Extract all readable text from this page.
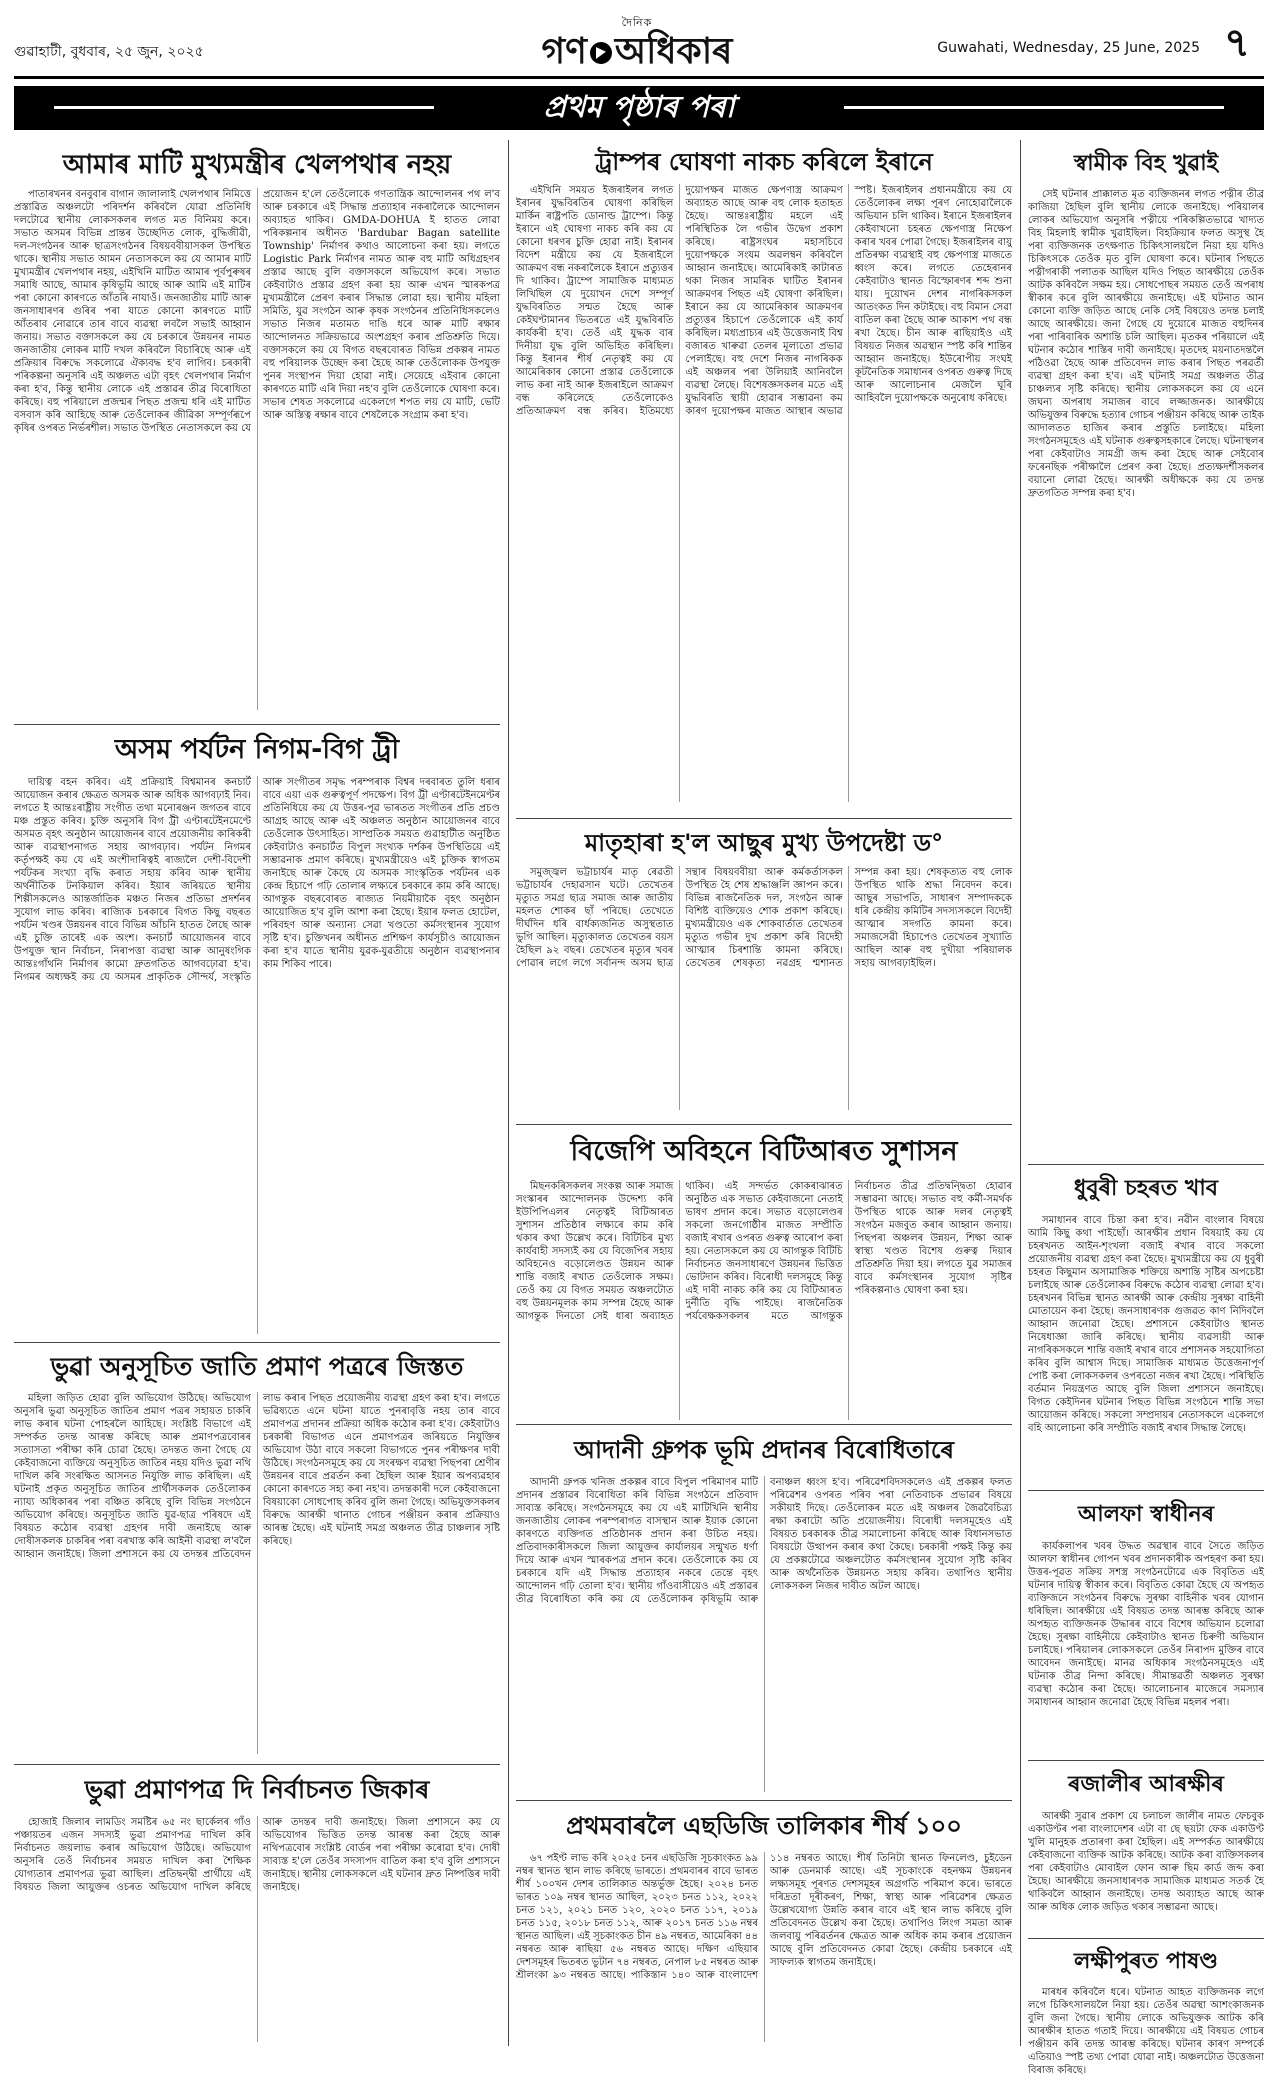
গুৱাহাটী, বুধবাৰ, ২৫ জুন, ২০২৫
দৈনিক
গণ অধিকাৰ	Guwahati, Wednesday, 25 June, 2025 ৭
প্ৰথম পৃষ্ঠাৰ পৰা
আমাৰ মাটি মুখ্যমন্ত্ৰীৰ খেলপথাৰ নহয়

পাতাৰখনৰ বনবুবাৰ বাগান জালালাই খেলপথাৰ নিমিত্তে প্ৰস্তাৱিত অঞ্চলটো পৰিদৰ্শন কৰিবলৈ যোৱা প্ৰতিনিধি দলটোৱে স্থানীয় লোকসকলৰ লগত মত বিনিময় কৰে। সভাত অসমৰ বিভিন্ন প্ৰান্তৰ উচ্ছেদিত লোক, বুদ্ধিজীৱী, দল-সংগঠনৰ আৰু ছাত্ৰসংগঠনৰ বিষয়ববীয়াসকল উপস্থিত থাকে। স্থানীয় সভাত আমন নেতাসকলে কয় যে আমাৰ মাটি মুখ্যমন্ত্ৰীৰ খেলপথাৰ নহয়, এইখিনি মাটিত আমাৰ পূৰ্বপুৰুষৰ সমাধি আছে, আমাৰ কৃষিভূমি আছে আৰু আমি এই মাটিৰ পৰা কোনো কাৰণতে আঁতৰি নাযাওঁ। জনজাতীয় মাটি আৰু জনসাধাৰণৰ গুৰিৰ পৰা যাতে কোনো কাৰণতে মাটি আঁতৰাব নোৱাৰে তাৰ বাবে ব্যৱস্থা লবলৈ সভাই আহ্বান জনায়। সভাত বক্তাসকলে কয় যে চৰকাৰে উন্নয়নৰ নামত জনজাতীয় লোকৰ মাটি দখল কৰিবলৈ বিচাৰিছে আৰু এই প্ৰক্ৰিয়াৰ বিৰুদ্ধে সকলোৱে ঐক্যবদ্ধ হ'ব লাগিব। চৰকাৰী পৰিকল্পনা অনুসৰি এই অঞ্চলত এটা বৃহৎ খেলপথাৰ নিৰ্মাণ কৰা হ'ব, কিন্তু স্থানীয় লোকে এই প্ৰস্তাৱৰ তীব্ৰ বিৰোধিতা কৰিছে। বহু পৰিয়ালে প্ৰজন্মৰ পিছত প্ৰজন্ম ধৰি এই মাটিত বসবাস কৰি আহিছে আৰু তেওঁলোকৰ জীৱিকা সম্পূৰ্ণৰূপে কৃষিৰ ওপৰত নিৰ্ভৰশীল। সভাত উপস্থিত নেতাসকলে কয় যে প্ৰয়োজন হ'লে তেওঁলোকে গণতান্ত্ৰিক আন্দোলনৰ পথ ল'ব আৰু চৰকাৰে এই সিদ্ধান্ত প্ৰত্যাহাৰ নকৰালৈকে আন্দোলন অব্যাহত থাকিব। GMDA-DOHUA ই হাতত লোৱা পৰিকল্পনাৰ অধীনত 'Bardubar Bagan satellite Township' নিৰ্মাণৰ কথাও আলোচনা কৰা হয়। লগতে Logistic Park নিৰ্মাণৰ নামত আৰু বহু মাটি অধিগ্ৰহণৰ প্ৰস্তাৱ আছে বুলি বক্তাসকলে অভিযোগ কৰে। সভাত কেইবাটাও প্ৰস্তাৱ গ্ৰহণ কৰা হয় আৰু এখন স্মাৰকপত্ৰ মুখ্যমন্ত্ৰীলৈ প্ৰেৰণ কৰাৰ সিদ্ধান্ত লোৱা হয়। স্থানীয় মহিলা সমিতি, যুৱ সংগঠন আৰু কৃষক সংগঠনৰ প্ৰতিনিধিসকলেও সভাত নিজৰ মতামত দাঙি ধৰে আৰু মাটি ৰক্ষাৰ আন্দোলনত সক্ৰিয়ভাৱে অংশগ্ৰহণ কৰাৰ প্ৰতিশ্ৰুতি দিয়ে। বক্তাসকলে কয় যে বিগত বছৰবোৰত বিভিন্ন প্ৰকল্পৰ নামত বহু পৰিয়ালক উচ্ছেদ কৰা হৈছে আৰু তেওঁলোকক উপযুক্ত পুনৰ সংস্থাপন দিয়া হোৱা নাই। সেয়েহে এইবাৰ কোনো কাৰণতে মাটি এৰি দিয়া নহ'ব বুলি তেওঁলোকে ঘোষণা কৰে। সভাৰ শেষত সকলোৱে একেলগে শপত লয় যে মাটি, ভেটি আৰু অস্তিত্ব ৰক্ষাৰ বাবে শেষলৈকে সংগ্ৰাম কৰা হ'ব।

অসম পৰ্যটন নিগম-বিগ ট্ৰী

দায়িত্ব বহন কৰিব। এই প্ৰক্ৰিয়াই বিশ্বমানৰ কনচাৰ্ট আয়োজন কৰাৰ ক্ষেত্ৰত অসমক আৰু অধিক আগবঢ়াই নিব। লগতে ই আন্তঃৰাষ্ট্ৰীয় সংগীত তথা মনোৰঞ্জন জগতৰ বাবে মঞ্চ প্ৰস্তুত কৰিব। চুক্তি অনুসৰি বিগ ট্ৰী এণ্টাৰটেইনমেণ্টে অসমত বৃহৎ অনুষ্ঠান আয়োজনৰ বাবে প্ৰয়োজনীয় কাৰিকৰী আৰু ব্যৱস্থাপনাগত সহায় আগবঢ়াব। পৰ্যটন নিগমৰ কৰ্তৃপক্ষই কয় যে এই অংশীদাৰিত্বই ৰাজ্যলৈ দেশী-বিদেশী পৰ্যটকৰ সংখ্যা বৃদ্ধি কৰাত সহায় কৰিব আৰু স্থানীয় অৰ্থনীতিক টনকিয়াল কৰিব। ইয়াৰ জৰিয়তে স্থানীয় শিল্পীসকলেও আন্তৰ্জাতিক মঞ্চত নিজৰ প্ৰতিভা প্ৰদৰ্শনৰ সুযোগ লাভ কৰিব। ৰাজ্যিক চৰকাৰে বিগত কিছু বছৰত পৰ্যটন খণ্ডৰ উন্নয়নৰ বাবে বিভিন্ন আঁচনি হাতত লৈছে আৰু এই চুক্তি তাৰেই এক অংশ। কনচাৰ্ট আয়োজনৰ বাবে উপযুক্ত স্থান নিৰ্বাচন, নিৰাপত্তা ব্যৱস্থা আৰু আনুষংগিক আন্তঃগাঁথনি নিৰ্মাণৰ কামো দ্ৰুতগতিত আগবঢ়োৱা হ'ব। নিগমৰ অধ্যক্ষই কয় যে অসমৰ প্ৰাকৃতিক সৌন্দৰ্য, সংস্কৃতি আৰু সংগীতৰ সমৃদ্ধ পৰম্পৰাক বিশ্বৰ দৰবাৰত তুলি ধৰাৰ বাবে এয়া এক গুৰুত্বপূৰ্ণ পদক্ষেপ। বিগ ট্ৰী এণ্টাৰটেইনমেণ্টৰ প্ৰতিনিধিয়ে কয় যে উত্তৰ-পূৱ ভাৰতত সংগীতৰ প্ৰতি প্ৰচণ্ড আগ্ৰহ আছে আৰু এই অঞ্চলত অনুষ্ঠান আয়োজনৰ বাবে তেওঁলোক উৎসাহিত। সাম্প্ৰতিক সময়ত গুৱাহাটীত অনুষ্ঠিত কেইবাটাও কনচাৰ্টত বিপুল সংখ্যক দৰ্শকৰ উপস্থিতিয়ে এই সম্ভাৱনাক প্ৰমাণ কৰিছে। মুখ্যমন্ত্ৰীয়েও এই চুক্তিক স্বাগতম জনাইছে আৰু কৈছে যে অসমক সাংস্কৃতিক পৰ্যটনৰ এক কেন্দ্ৰ হিচাপে গঢ়ি তোলাৰ লক্ষ্যৰে চৰকাৰে কাম কৰি আছে। আগন্তুক বছৰবোৰত ৰাজ্যত নিয়মীয়াকৈ বৃহৎ অনুষ্ঠান আয়োজিত হ'ব বুলি আশা কৰা হৈছে। ইয়াৰ ফলত হোটেল, পৰিবহণ আৰু অন্যান্য সেৱা খণ্ডতো কৰ্মসংস্থানৰ সুযোগ সৃষ্টি হ'ব। চুক্তিখনৰ অধীনত প্ৰশিক্ষণ কাৰ্যসূচীও আয়োজন কৰা হ'ব যাতে স্থানীয় যুৱক-যুৱতীয়ে অনুষ্ঠান ব্যৱস্থাপনাৰ কাম শিকিব পাৰে।

ভুৱা অনুসূচিত জাতি প্ৰমাণ পত্ৰৰে জিস্তত

মহিলা জড়িত হোৱা বুলি অভিযোগ উঠিছে। অভিযোগ অনুসৰি ভুৱা অনুসূচিত জাতিৰ প্ৰমাণ পত্ৰৰ সহায়ত চাকৰি লাভ কৰাৰ ঘটনা পোহৰলৈ আহিছে। সংশ্লিষ্ট বিভাগে এই সম্পৰ্কত তদন্ত আৰম্ভ কৰিছে আৰু প্ৰমাণপত্ৰবোৰৰ সত্যাসত্য পৰীক্ষা কৰি চোৱা হৈছে। তদন্তত জনা গৈছে যে কেইবাজনো ব্যক্তিয়ে অনুসূচিত জাতিৰ নহয় যদিও ভুৱা নথি দাখিল কৰি সংৰক্ষিত আসনত নিযুক্তি লাভ কৰিছিল। এই ঘটনাই প্ৰকৃত অনুসূচিত জাতিৰ প্ৰাৰ্থীসকলক তেওঁলোকৰ ন্যায্য অধিকাৰৰ পৰা বঞ্চিত কৰিছে বুলি বিভিন্ন সংগঠনে অভিযোগ কৰিছে। অনুসূচিত জাতি যুৱ-ছাত্ৰ পৰিষদে এই বিষয়ত কঠোৰ ব্যৱস্থা গ্ৰহণৰ দাবী জনাইছে আৰু দোষীসকলক চাকৰিৰ পৰা বৰখাস্ত কৰি আইনী ব্যৱস্থা ল'বলৈ আহ্বান জনাইছে। জিলা প্ৰশাসনে কয় যে তদন্তৰ প্ৰতিবেদন লাভ কৰাৰ পিছত প্ৰয়োজনীয় ব্যৱস্থা গ্ৰহণ কৰা হ'ব। লগতে ভৱিষ্যতে এনে ঘটনা যাতে পুনৰাবৃত্তি নহয় তাৰ বাবে প্ৰমাণপত্ৰ প্ৰদানৰ প্ৰক্ৰিয়া অধিক কঠোৰ কৰা হ'ব। কেইবাটাও চৰকাৰী বিভাগত এনে প্ৰমাণপত্ৰৰ জৰিয়তে নিযুক্তিৰ অভিযোগ উঠা বাবে সকলো বিভাগতে পুনৰ পৰীক্ষণৰ দাবী উঠিছে। সংগঠনসমূহে কয় যে সংৰক্ষণ ব্যৱস্থা পিছপৰা শ্ৰেণীৰ উন্নয়নৰ বাবে প্ৰৱৰ্তন কৰা হৈছিল আৰু ইয়াৰ অপব্যৱহাৰ কোনো কাৰণতে সহ্য কৰা নহ'ব। তদন্তকাৰী দলে কেইবাজনো বিষয়াকো সোধপোছ কৰিব বুলি জনা গৈছে। অভিযুক্তসকলৰ বিৰুদ্ধে আৰক্ষী থানাত গোচৰ পঞ্জীয়ন কৰাৰ প্ৰক্ৰিয়াও আৰম্ভ হৈছে। এই ঘটনাই সমগ্ৰ অঞ্চলত তীব্ৰ চাঞ্চল্যৰ সৃষ্টি কৰিছে।

ভুৱা প্ৰমাণপত্ৰ দি নিৰ্বাচনত জিকাৰ

হোজাই জিলাৰ লামডিং সমষ্টিৰ ৬৫ নং ছাৰ্কেলৰ গাঁও পঞ্চায়তৰ এজন সদস্যই ভুৱা প্ৰমাণপত্ৰ দাখিল কৰি নিৰ্বাচনত জয়লাভ কৰাৰ অভিযোগ উঠিছে। অভিযোগ অনুসৰি তেওঁ নিৰ্বাচনৰ সময়ত দাখিল কৰা শৈক্ষিক যোগ্যতাৰ প্ৰমাণপত্ৰ ভুৱা আছিল। প্ৰতিদ্বন্দ্বী প্ৰাৰ্থীয়ে এই বিষয়ত জিলা আয়ুক্তৰ ওচৰত অভিযোগ দাখিল কৰিছে আৰু তদন্তৰ দাবী জনাইছে। জিলা প্ৰশাসনে কয় যে অভিযোগৰ ভিত্তিত তদন্ত আৰম্ভ কৰা হৈছে আৰু নথিপত্ৰবোৰ সংশ্লিষ্ট বোৰ্ডৰ পৰা পৰীক্ষা কৰোৱা হ'ব। দোষী সাব্যস্ত হ'লে তেওঁৰ সদস্যপদ বাতিল কৰা হ'ব বুলি প্ৰশাসনে জনাইছে। স্থানীয় লোকসকলে এই ঘটনাৰ দ্ৰুত নিষ্পত্তিৰ দাবী জনাইছে।

ট্ৰাম্পৰ ঘোষণা নাকচ কৰিলে ইৰানে

এইখিনি সময়ত ইজৰাইলৰ লগত ইৰানৰ যুদ্ধবিৰতিৰ ঘোষণা কৰিছিল মাৰ্কিন ৰাষ্ট্ৰপতি ডোনাল্ড ট্ৰাম্পে। কিন্তু ইৰানে এই ঘোষণা নাকচ কৰি কয় যে কোনো ধৰণৰ চুক্তি হোৱা নাই। ইৰানৰ বিদেশ মন্ত্ৰীয়ে কয় যে ইজৰাইলে আক্ৰমণ বন্ধ নকৰালৈকে ইৰানে প্ৰত্যুত্তৰ দি থাকিব। ট্ৰাম্পে সামাজিক মাধ্যমত লিখিছিল যে দুয়োখন দেশে সম্পূৰ্ণ যুদ্ধবিৰতিত সন্মত হৈছে আৰু কেইঘণ্টামানৰ ভিতৰতে এই যুদ্ধবিৰতি কাৰ্যকৰী হ'ব। তেওঁ এই যুদ্ধক বাৰ দিনীয়া যুদ্ধ বুলি অভিহিত কৰিছিল। কিন্তু ইৰানৰ শীৰ্ষ নেতৃত্বই কয় যে আমেৰিকাৰ কোনো প্ৰস্তাৱ তেওঁলোকে লাভ কৰা নাই আৰু ইজৰাইলে আক্ৰমণ বন্ধ কৰিলেহে তেওঁলোকেও প্ৰতিআক্ৰমণ বন্ধ কৰিব। ইতিমধ্যে দুয়োপক্ষৰ মাজত ক্ষেপণাস্ত্ৰ আক্ৰমণ অব্যাহত আছে আৰু বহু লোক হতাহত হৈছে। আন্তঃৰাষ্ট্ৰীয় মহলে এই পৰিস্থিতিক লৈ গভীৰ উদ্বেগ প্ৰকাশ কৰিছে। ৰাষ্ট্ৰসংঘৰ মহাসচিবে দুয়োপক্ষকে সংযম অৱলম্বন কৰিবলৈ আহ্বান জনাইছে। আমেৰিকাই কাটাৰত থকা নিজৰ সামৰিক ঘাটিত ইৰানৰ আক্ৰমণৰ পিছত এই ঘোষণা কৰিছিল। ইৰানে কয় যে আমেৰিকাৰ আক্ৰমণৰ প্ৰত্যুত্তৰ হিচাপে তেওঁলোকে এই কাৰ্য কৰিছিল। মধ্যপ্ৰাচ্যৰ এই উত্তেজনাই বিশ্ব বজাৰত খাৰুৱা তেলৰ মূল্যতো প্ৰভাৱ পেলাইছে। বহু দেশে নিজৰ নাগৰিকক এই অঞ্চলৰ পৰা উলিয়াই আনিবলৈ ব্যৱস্থা লৈছে। বিশেষজ্ঞসকলৰ মতে এই যুদ্ধবিৰতি স্থায়ী হোৱাৰ সম্ভাৱনা কম কাৰণ দুয়োপক্ষৰ মাজত আস্থাৰ অভাৱ স্পষ্ট। ইজৰাইলৰ প্ৰধানমন্ত্ৰীয়ে কয় যে তেওঁলোকৰ লক্ষ্য পূৰণ নোহোৱালৈকে অভিযান চলি থাকিব। ইৰানে ইজৰাইলৰ কেইবাখনো চহৰত ক্ষেপণাস্ত্ৰ নিক্ষেপ কৰাৰ খবৰ পোৱা গৈছে। ইজৰাইলৰ বায়ু প্ৰতিৰক্ষা ব্যৱস্থাই বহু ক্ষেপণাস্ত্ৰ মাজতে ধ্বংস কৰে। লগতে তেহেৰানৰ কেইবাটাও স্থানত বিস্ফোৰণৰ শব্দ শুনা যায়। দুয়োখন দেশৰ নাগৰিকসকল আতংকত দিন কটাইছে। বহু বিমান সেৱা বাতিল কৰা হৈছে আৰু আকাশ পথ বন্ধ ৰখা হৈছে। চীন আৰু ৰাছিয়াইও এই বিষয়ত নিজৰ অৱস্থান স্পষ্ট কৰি শান্তিৰ আহ্বান জনাইছে। ইউৰোপীয় সংঘই কূটনৈতিক সমাধানৰ ওপৰত গুৰুত্ব দিছে আৰু আলোচনাৰ মেজলৈ ঘূৰি আহিবলৈ দুয়োপক্ষকে অনুৰোধ কৰিছে।

মাতৃহাৰা হ'ল আছুৰ মুখ্য উপদেষ্টা ড°

সমুজ্জ্বল ভট্টাচাৰ্যৰ মাতৃ ৰেৱতী ভট্টাচাৰ্যৰ দেহাৱসান ঘটে। তেখেতৰ মৃত্যুত সমগ্ৰ ছাত্ৰ সমাজ আৰু জাতীয় মহলত শোকৰ ছাঁ পৰিছে। তেখেতে দীৰ্ঘদিন ধৰি বাৰ্ধক্যজনিত অসুস্থতাত ভুগি আছিল। মৃত্যুকালত তেখেতৰ বয়স হৈছিল ৯২ বছৰ। তেখেতৰ মৃত্যুৰ খবৰ পোৱাৰ লগে লগে সৰ্বানন্দ অসম ছাত্ৰ সন্থাৰ বিষয়ববীয়া আৰু কৰ্মকৰ্তাসকল উপস্থিত হৈ শেষ শ্ৰদ্ধাঞ্জলি জ্ঞাপন কৰে। বিভিন্ন ৰাজনৈতিক দল, সংগঠন আৰু বিশিষ্ট ব্যক্তিয়েও শোক প্ৰকাশ কৰিছে। মুখ্যমন্ত্ৰীয়েও এক শোকবাৰ্তাত তেখেতৰ মৃত্যুত গভীৰ দুখ প্ৰকাশ কৰি বিদেহী আত্মাৰ চিৰশান্তি কামনা কৰিছে। তেখেতৰ শেষকৃত্য নৱগ্ৰহ শ্মশানত সম্পন্ন কৰা হয়। শেষকৃত্যত বহু লোক উপস্থিত থাকি শ্ৰদ্ধা নিবেদন কৰে। আছুৰ সভাপতি, সাধাৰণ সম্পাদককে ধৰি কেন্দ্ৰীয় কমিটিৰ সদস্যসকলে বিদেহী আত্মাৰ সদগতি কামনা কৰে। সমাজসেৱী হিচাপেও তেখেতৰ সুখ্যাতি আছিল আৰু বহু দুখীয়া পৰিয়ালক সহায় আগবঢ়াইছিল।

বিজেপি অবিহনে বিটিআৰত সুশাসন

মিছনকৰিসকলৰ সংকল্প আৰু সমাজ সংস্কাৰৰ আন্দোলনক উদ্দেশ্য কৰি ইউপিপিএলৰ নেতৃত্বই বিটিআৰত সুশাসন প্ৰতিষ্ঠাৰ লক্ষ্যৰে কাম কৰি থকাৰ কথা উল্লেখ কৰে। বিটিচিৰ মুখ্য কাৰ্যবাহী সদস্যই কয় যে বিজেপিৰ সহায় অবিহনেও বড়োলেণ্ডত উন্নয়ন আৰু শান্তি বজাই ৰখাত তেওঁলোক সক্ষম। তেওঁ কয় যে বিগত সময়ত অঞ্চলটোত বহু উন্নয়নমূলক কাম সম্পন্ন হৈছে আৰু আগন্তুক দিনতো সেই ধাৰা অব্যাহত থাকিব। এই সন্দৰ্ভত কোকৰাঝাৰত অনুষ্ঠিত এক সভাত কেইবাজনো নেতাই ভাষণ প্ৰদান কৰে। সভাত বড়োলেণ্ডৰ সকলো জনগোষ্ঠীৰ মাজত সম্প্ৰীতি বজাই ৰখাৰ ওপৰত গুৰুত্ব আৰোপ কৰা হয়। নেতাসকলে কয় যে আগন্তুক বিটিচি নিৰ্বাচনত জনসাধাৰণে উন্নয়নৰ ভিত্তিত ভোটদান কৰিব। বিৰোধী দলসমূহে কিন্তু এই দাবী নাকচ কৰি কয় যে বিটিআৰত দুৰ্নীতি বৃদ্ধি পাইছে। ৰাজনৈতিক পৰ্যবেক্ষকসকলৰ মতে আগন্তুক নিৰ্বাচনত তীব্ৰ প্ৰতিদ্বন্দ্বিতা হোৱাৰ সম্ভাৱনা আছে। সভাত বহু কৰ্মী-সমৰ্থক উপস্থিত থাকে আৰু দলৰ নেতৃত্বই সংগঠন মজবুত কৰাৰ আহ্বান জনায়। পিছপৰা অঞ্চলৰ উন্নয়ন, শিক্ষা আৰু স্বাস্থ্য খণ্ডত বিশেষ গুৰুত্ব দিয়াৰ প্ৰতিশ্ৰুতি দিয়া হয়। লগতে যুৱ সমাজৰ বাবে কৰ্মসংস্থানৰ সুযোগ সৃষ্টিৰ পৰিকল্পনাও ঘোষণা কৰা হয়।

আদানী গ্ৰুপক ভূমি প্ৰদানৰ বিৰোধিতাৰে

আদানী গ্ৰুপক খনিজ প্ৰকল্পৰ বাবে বিপুল পৰিমাণৰ মাটি প্ৰদানৰ প্ৰস্তাৱৰ বিৰোধিতা কৰি বিভিন্ন সংগঠনে প্ৰতিবাদ সাব্যস্ত কৰিছে। সংগঠনসমূহে কয় যে এই মাটিখিনি স্থানীয় জনজাতীয় লোকৰ পৰম্পৰাগত বাসস্থান আৰু ইয়াক কোনো কাৰণতে ব্যক্তিগত প্ৰতিষ্ঠানক প্ৰদান কৰা উচিত নহয়। প্ৰতিবাদকাৰীসকলে জিলা আয়ুক্তৰ কাৰ্যালয়ৰ সন্মুখত ধৰ্ণা দিয়ে আৰু এখন স্মাৰকপত্ৰ প্ৰদান কৰে। তেওঁলোকে কয় যে চৰকাৰে যদি এই সিদ্ধান্ত প্ৰত্যাহাৰ নকৰে তেন্তে বৃহৎ আন্দোলন গঢ়ি তোলা হ'ব। স্থানীয় গাঁওবাসীয়েও এই প্ৰস্তাৱৰ তীব্ৰ বিৰোধিতা কৰি কয় যে তেওঁলোকৰ কৃষিভূমি আৰু বনাঞ্চল ধ্বংস হ'ব। পৰিৱেশবিদসকলেও এই প্ৰকল্পৰ ফলত পৰিৱেশৰ ওপৰত পৰিব পৰা নেতিবাচক প্ৰভাৱৰ বিষয়ে সকীয়াই দিছে। তেওঁলোকৰ মতে এই অঞ্চলৰ জৈৱবৈচিত্ৰ্য ৰক্ষা কৰাটো অতি প্ৰয়োজনীয়। বিৰোধী দলসমূহেও এই বিষয়ত চৰকাৰক তীব্ৰ সমালোচনা কৰিছে আৰু বিধানসভাত বিষয়টো উত্থাপন কৰাৰ কথা কৈছে। চৰকাৰী পক্ষই কিন্তু কয় যে প্ৰকল্পটোৱে অঞ্চলটোত কৰ্মসংস্থানৰ সুযোগ সৃষ্টি কৰিব আৰু অৰ্থনৈতিক উন্নয়নত সহায় কৰিব। তথাপিও স্থানীয় লোকসকল নিজৰ দাবীত অটল আছে।

প্ৰথমবাৰলৈ এছডিজি তালিকাৰ শীৰ্ষ ১০০

৬৭ পইণ্ট লাভ কৰি ২০২৫ চনৰ এছডিজি সূচকাংকত ৯৯ নম্বৰ স্থানত স্থান লাভ কৰিছে ভাৰতে। প্ৰথমবাৰৰ বাবে ভাৰত শীৰ্ষ ১০০খন দেশৰ তালিকাত অন্তৰ্ভুক্ত হৈছে। ২০২৪ চনত ভাৰত ১০৯ নম্বৰ স্থানত আছিল, ২০২৩ চনত ১১২, ২০২২ চনত ১২১, ২০২১ চনত ১২০, ২০২০ চনত ১১৭, ২০১৯ চনত ১১৫, ২০১৮ চনত ১১২, আৰু ২০১৭ চনত ১১৬ নম্বৰ স্থানত আছিল। এই সূচকাংকত চীন ৪৯ নম্বৰত, আমেৰিকা ৪৪ নম্বৰত আৰু ৰাছিয়া ৫৬ নম্বৰত আছে। দক্ষিণ এছিয়াৰ দেশসমূহৰ ভিতৰত ভুটান ৭৪ নম্বৰত, নেপাল ৮৫ নম্বৰত আৰু শ্ৰীলংকা ৯৩ নম্বৰত আছে। পাকিস্তান ১৪০ আৰু বাংলাদেশ ১১৪ নম্বৰত আছে। শীৰ্ষ তিনিটা স্থানত ফিনলেণ্ড, চুইডেন আৰু ডেনমাৰ্ক আছে। এই সূচকাংকে বহনক্ষম উন্নয়নৰ লক্ষ্যসমূহ পূৰণত দেশসমূহৰ অগ্ৰগতি পৰিমাপ কৰে। ভাৰতে দৰিদ্ৰতা দূৰীকৰণ, শিক্ষা, স্বাস্থ্য আৰু পৰিৱেশৰ ক্ষেত্ৰত উল্লেখযোগ্য উন্নতি কৰাৰ বাবে এই স্থান লাভ কৰিছে বুলি প্ৰতিবেদনত উল্লেখ কৰা হৈছে। তথাপিও লিংগ সমতা আৰু জলবায়ু পৰিৱৰ্তনৰ ক্ষেত্ৰত আৰু অধিক কাম কৰাৰ প্ৰয়োজন আছে বুলি প্ৰতিবেদনত কোৱা হৈছে। কেন্দ্ৰীয় চৰকাৰে এই সাফল্যক স্বাগতম জনাইছে।

স্বামীক বিহ খুৱাই

সেই ঘটনাৰ প্ৰাক্কালত মৃত ব্যক্তিজনৰ লগত পত্নীৰ তীব্ৰ কাজিয়া হৈছিল বুলি স্থানীয় লোকে জনাইছে। পৰিয়ালৰ লোকৰ অভিযোগ অনুসৰি পত্নীয়ে পৰিকল্পিতভাৱে খাদ্যত বিহ মিহলাই স্বামীক খুৱাইছিল। বিহক্ৰিয়াৰ ফলত অসুস্থ হৈ পৰা ব্যক্তিজনক তৎক্ষণাত চিকিৎসালয়লৈ নিয়া হয় যদিও চিকিৎসকে তেওঁক মৃত বুলি ঘোষণা কৰে। ঘটনাৰ পিছতে পত্নীগৰাকী পলাতক আছিল যদিও পিছত আৰক্ষীয়ে তেওঁক আটক কৰিবলৈ সক্ষম হয়। সোধপোছৰ সময়ত তেওঁ অপৰাধ স্বীকাৰ কৰে বুলি আৰক্ষীয়ে জনাইছে। এই ঘটনাত আন কোনো ব্যক্তি জড়িত আছে নেকি সেই বিষয়েও তদন্ত চলাই আছে আৰক্ষীয়ে। জনা গৈছে যে দুয়োৰে মাজত বহুদিনৰ পৰা পাৰিবাৰিক অশান্তি চলি আছিল। মৃতকৰ পৰিয়ালে এই ঘটনাৰ কঠোৰ শাস্তিৰ দাবী জনাইছে। মৃতদেহ ময়নাতদন্তলৈ পঠিওৱা হৈছে আৰু প্ৰতিবেদন লাভ কৰাৰ পিছত পৰৱৰ্তী ব্যৱস্থা গ্ৰহণ কৰা হ'ব। এই ঘটনাই সমগ্ৰ অঞ্চলত তীব্ৰ চাঞ্চল্যৰ সৃষ্টি কৰিছে। স্থানীয় লোকসকলে কয় যে এনে জঘন্য অপৰাধ সমাজৰ বাবে লজ্জাজনক। আৰক্ষীয়ে অভিযুক্তৰ বিৰুদ্ধে হত্যাৰ গোচৰ পঞ্জীয়ন কৰিছে আৰু তাইক আদালতত হাজিৰ কৰাৰ প্ৰস্তুতি চলাইছে। মহিলা সংগঠনসমূহেও এই ঘটনাক গুৰুত্বসহকাৰে লৈছে। ঘটনাস্থলৰ পৰা কেইবাটাও সামগ্ৰী জব্দ কৰা হৈছে আৰু সেইবোৰ ফৰেনছিক পৰীক্ষালৈ প্ৰেৰণ কৰা হৈছে। প্ৰত্যক্ষদৰ্শীসকলৰ বয়ানো লোৱা হৈছে। আৰক্ষী অধীক্ষকে কয় যে তদন্ত দ্ৰুতগতিত সম্পন্ন কৰা হ'ব।

ধুবুৰী চহৰত খাব

সমাধানৰ বাবে চিন্তা কৰা হ'ব। নৱীন বাংলাৰ বিষয়ে আমি কিছু কথা পাইছোঁ। আৰক্ষীৰ প্ৰধান বিষয়াই কয় যে চহৰখনত আইন-শৃংখলা বজাই ৰখাৰ বাবে সকলো প্ৰয়োজনীয় ব্যৱস্থা গ্ৰহণ কৰা হৈছে। মুখ্যমন্ত্ৰীয়ে কয় যে ধুবুৰী চহৰত কিছুমান অসামাজিক শক্তিয়ে অশান্তি সৃষ্টিৰ অপচেষ্টা চলাইছে আৰু তেওঁলোকৰ বিৰুদ্ধে কঠোৰ ব্যৱস্থা লোৱা হ'ব। চহৰখনৰ বিভিন্ন স্থানত আৰক্ষী আৰু কেন্দ্ৰীয় সুৰক্ষা বাহিনী মোতায়েন কৰা হৈছে। জনসাধাৰণক গুজৱত কাণ নিদিবলৈ আহ্বান জনোৱা হৈছে। প্ৰশাসনে কেইবাটাও স্থানত নিষেধাজ্ঞা জাৰি কৰিছে। স্থানীয় ব্যৱসায়ী আৰু নাগৰিকসকলে শান্তি বজাই ৰখাৰ বাবে প্ৰশাসনক সহযোগিতা কৰিব বুলি আশ্বাস দিছে। সামাজিক মাধ্যমত উত্তেজনাপূৰ্ণ পোষ্ট কৰা লোকসকলৰ ওপৰতো নজৰ ৰখা হৈছে। পৰিস্থিতি বৰ্তমান নিয়ন্ত্ৰণত আছে বুলি জিলা প্ৰশাসনে জনাইছে। বিগত কেইদিনৰ ঘটনাৰ পিছত বিভিন্ন সংগঠনে শান্তি সভা আয়োজন কৰিছে। সকলো সম্প্ৰদায়ৰ নেতাসকলে একেলগে বহি আলোচনা কৰি সম্প্ৰীতি বজাই ৰখাৰ সিদ্ধান্ত লৈছে।

আলফা স্বাধীনৰ

কাৰ্যকলাপৰ খবৰ উদ্ধত অৱস্থাৰ বাবে সৈতে জড়িত আলফা স্বাধীনৰ গোপন খবৰ প্ৰদানকাৰীক অপহৰণ কৰা হয়। উত্তৰ-পূৱত সক্ৰিয় সশস্ত্ৰ সংগঠনটোৱে এক বিবৃতিত এই ঘটনাৰ দায়িত্ব স্বীকাৰ কৰে। বিবৃতিত কোৱা হৈছে যে অপহৃত ব্যক্তিজনে সংগঠনৰ বিৰুদ্ধে সুৰক্ষা বাহিনীক খবৰ যোগান ধৰিছিল। আৰক্ষীয়ে এই বিষয়ত তদন্ত আৰম্ভ কৰিছে আৰু অপহৃত ব্যক্তিজনক উদ্ধাৰৰ বাবে বিশেষ অভিযান চলোৱা হৈছে। সুৰক্ষা বাহিনীয়ে কেইবাটাও স্থানত চিৰুণী অভিযান চলাইছে। পৰিয়ালৰ লোকসকলে তেওঁৰ নিৰাপদ মুক্তিৰ বাবে আবেদন জনাইছে। মানৱ অধিকাৰ সংগঠনসমূহেও এই ঘটনাক তীব্ৰ নিন্দা কৰিছে। সীমান্তৱৰ্তী অঞ্চলত সুৰক্ষা ব্যৱস্থা কঠোৰ কৰা হৈছে। আলোচনাৰ মাজেৰে সমস্যাৰ সমাধানৰ আহ্বান জনোৱা হৈছে বিভিন্ন মহলৰ পৰা।

ৰজালীৰ আৰক্ষীৰ

আৰক্ষী সুৱাৰ প্ৰকাশ যে চলাচল জালীৰ নামত ফেচবুক একাউণ্টৰ পৰা বাংলাদেশৰ এটা বা ছে ছয়টা ফেক একাউণ্ট খুলি মানুহক প্ৰতাৰণা কৰা হৈছিল। এই সম্পৰ্কত আৰক্ষীয়ে কেইবাজনো ব্যক্তিক আটক কৰিছে। আটক কৰা ব্যক্তিসকলৰ পৰা কেইবাটাও মোবাইল ফোন আৰু ছিম কাৰ্ড জব্দ কৰা হৈছে। আৰক্ষীয়ে জনসাধাৰণক সামাজিক মাধ্যমত সতৰ্ক হৈ থাকিবলৈ আহ্বান জনাইছে। তদন্ত অব্যাহত আছে আৰু আৰু অধিক লোক জড়িত থকাৰ সম্ভাৱনা আছে।

লক্ষীপুৰত পাষণ্ড

মাৰধৰ কৰিবলৈ ধৰে। ঘটনাত আহত ব্যক্তিজনক লগে লগে চিকিৎসালয়লৈ নিয়া হয়। তেওঁৰ অৱস্থা আশংকাজনক বুলি জনা গৈছে। স্থানীয় লোকে অভিযুক্তক আটক কৰি আৰক্ষীৰ হাতত গতাই দিয়ে। আৰক্ষীয়ে এই বিষয়ত গোচৰ পঞ্জীয়ন কৰি তদন্ত আৰম্ভ কৰিছে। ঘটনাৰ কাৰণ সম্পৰ্কে এতিয়াও স্পষ্ট তথ্য পোৱা যোৱা নাই। অঞ্চলটোত উত্তেজনা বিৰাজ কৰিছে।
